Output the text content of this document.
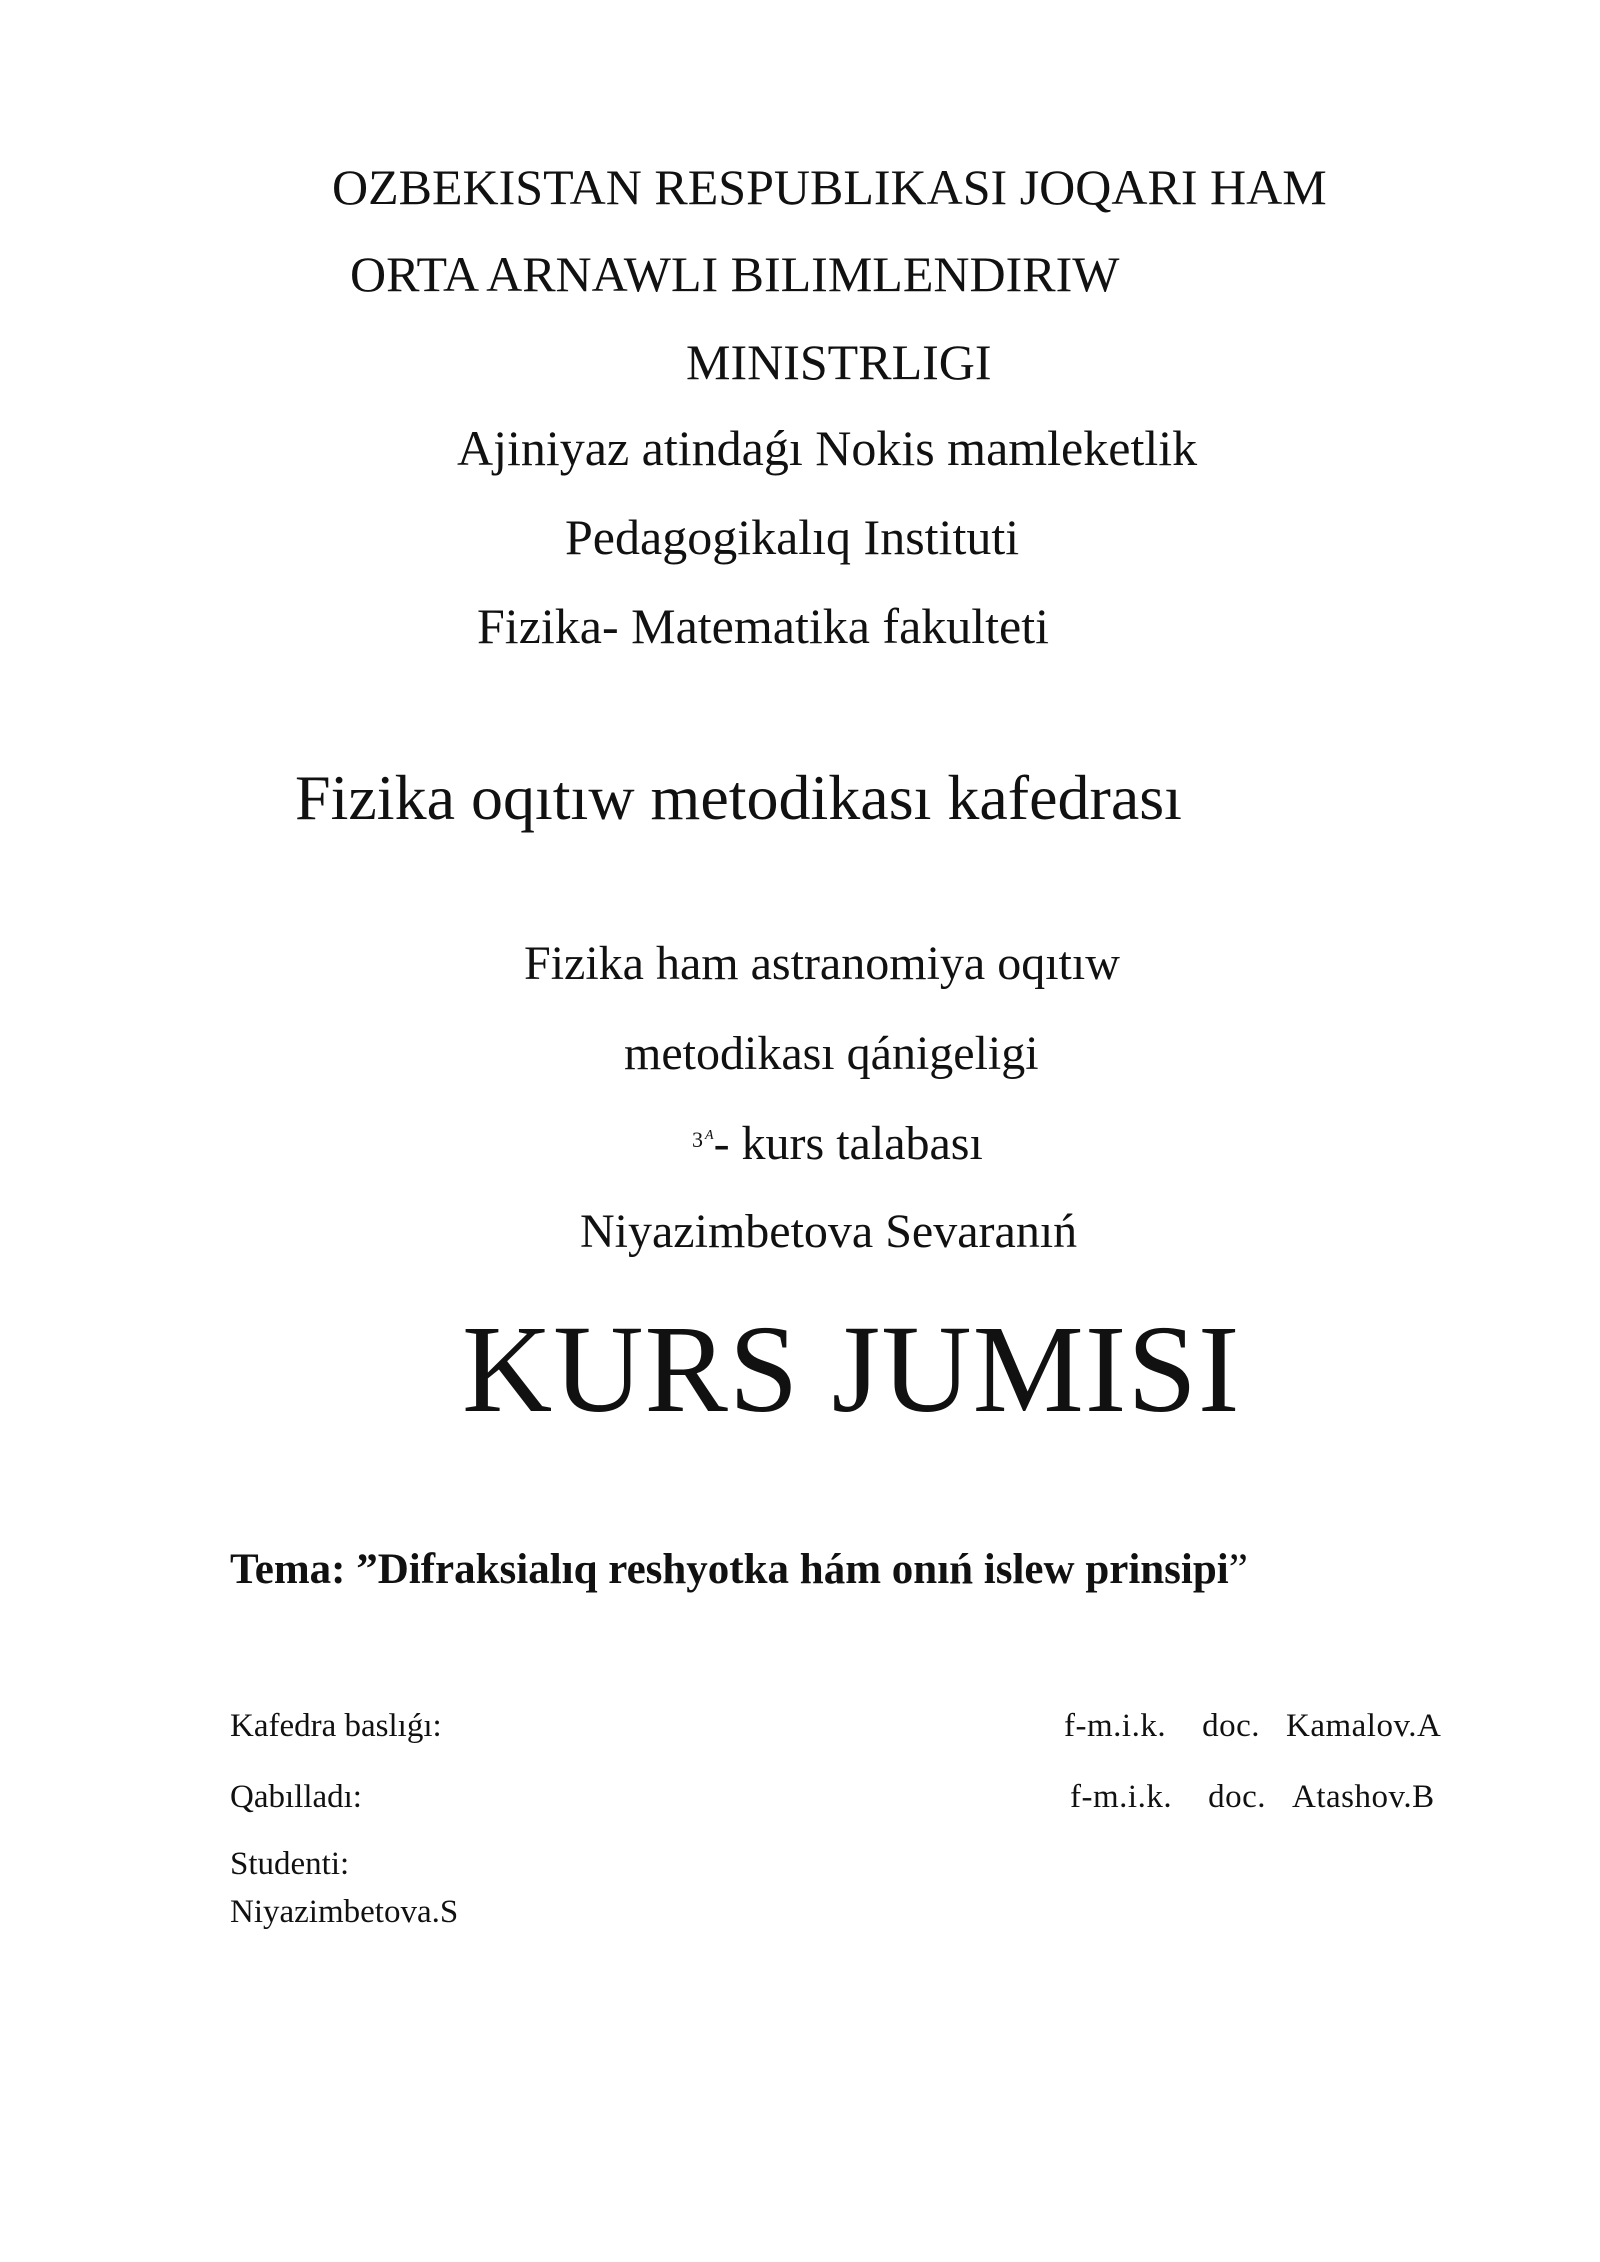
OZBEKISTAN RESPUBLIKASI JOQARI HAM

ORTA ARNAWLI BILIMLENDIRIW

MINISTRLIGI

Ajiniyaz atindaǵı Nokis mamleketlik

Pedagogikalıq Instituti

Fizika- Matematika fakulteti

Fizika oqıtıw metodikası kafedrası

Fizika ham astranomiya oqıtıw

metodikası qánigeligi

$^{3 ^A}$- kurs talabası

Niyazimbetova Sevaranıń

KURS JUMISI

Tema: ”Difraksialıq reshyotka hám onıń islew prinsipi”

Kafedra baslıǵı:	f-m.i.k. doc. Kamalov.A

Qabılladı:	f-m.i.k. doc. Atashov.B

Studenti:

Niyazimbetova.S
